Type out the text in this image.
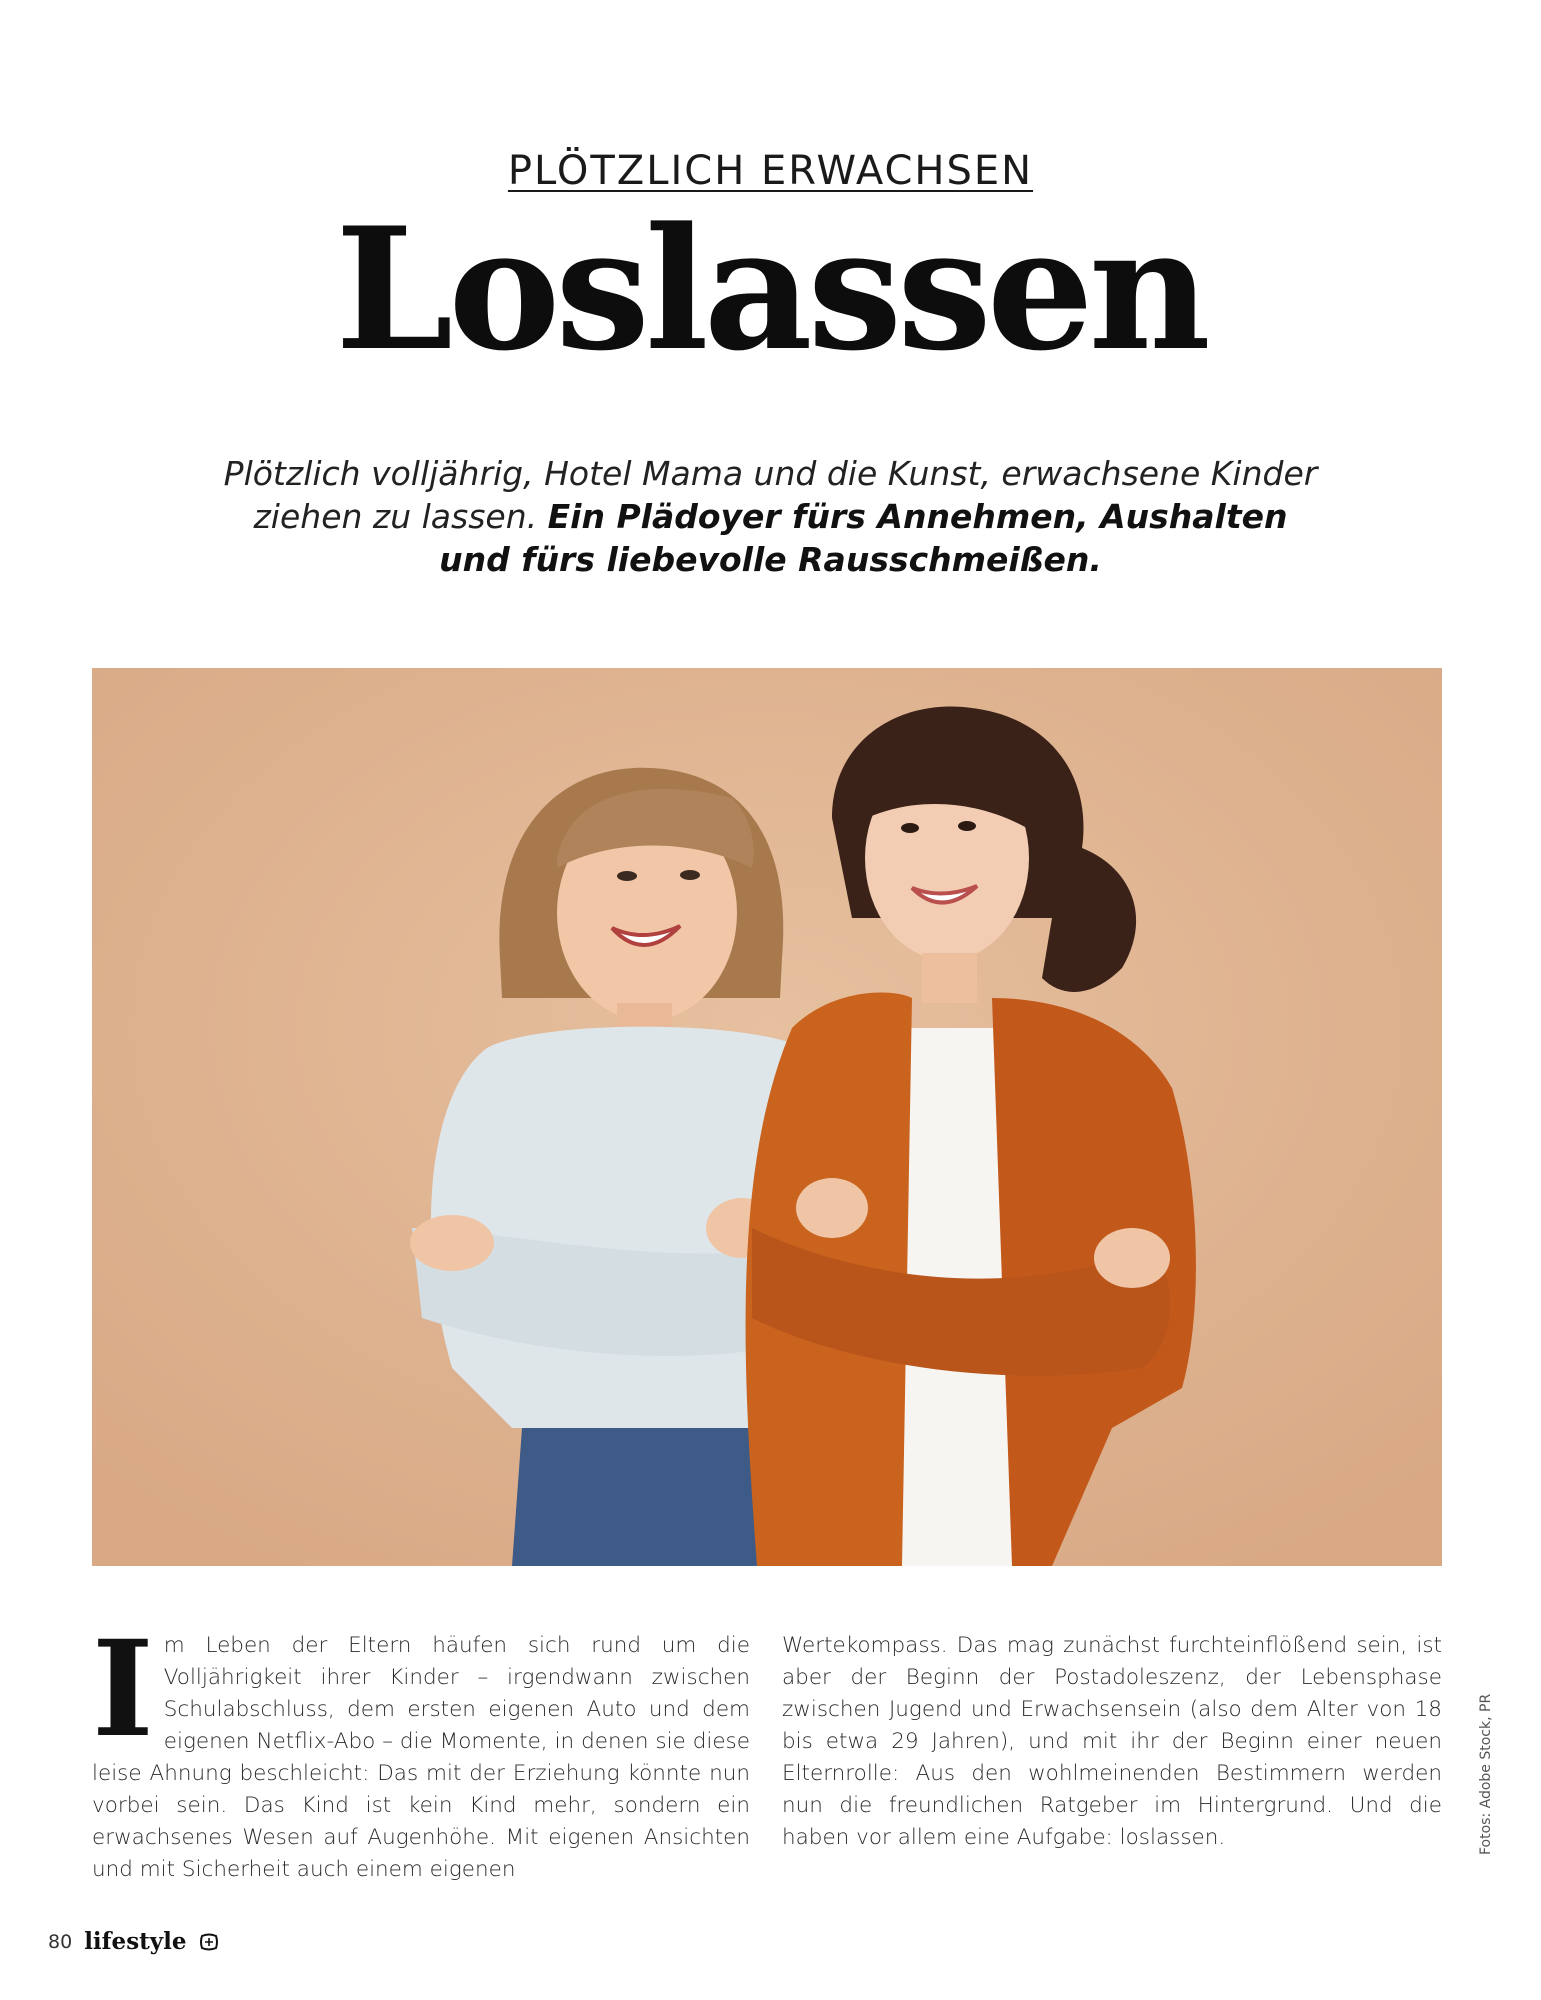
PLÖTZLICH ERWACHSEN
Loslassen
Plötzlich volljährig, Hotel Mama und die Kunst, erwachsene Kinder
ziehen zu lassen. Ein Plädoyer fürs Annehmen, Aushalten
und fürs liebevolle Rausschmeißen.
Im Leben der Eltern häufen sich rund um die Volljährigkeit ihrer Kinder – irgendwann zwischen Schulabschluss, dem ersten eigenen Auto und dem eigenen Netflix-Abo – die Momente, in denen sie diese leise Ahnung beschleicht: Das mit der Erziehung könnte nun vorbei sein. Das Kind ist kein Kind mehr, sondern ein erwachsenes Wesen auf Augenhöhe. Mit eigenen Ansichten und mit Sicherheit auch einem eigenen
Wertekompass. Das mag zunächst furchteinflößend sein, ist aber der Beginn der Postadoleszenz, der Lebensphase zwischen Jugend und Erwachsensein (also dem Alter von 18 bis etwa 29 Jahren), und mit ihr der Beginn einer neuen Elternrolle: Aus den wohlmeinenden Bestimmern werden nun die freundlichen Ratgeber im Hintergrund. Und die haben vor allem eine Aufgabe: loslassen.	Fotos: Adobe Stock, PR
80 lifestyle
